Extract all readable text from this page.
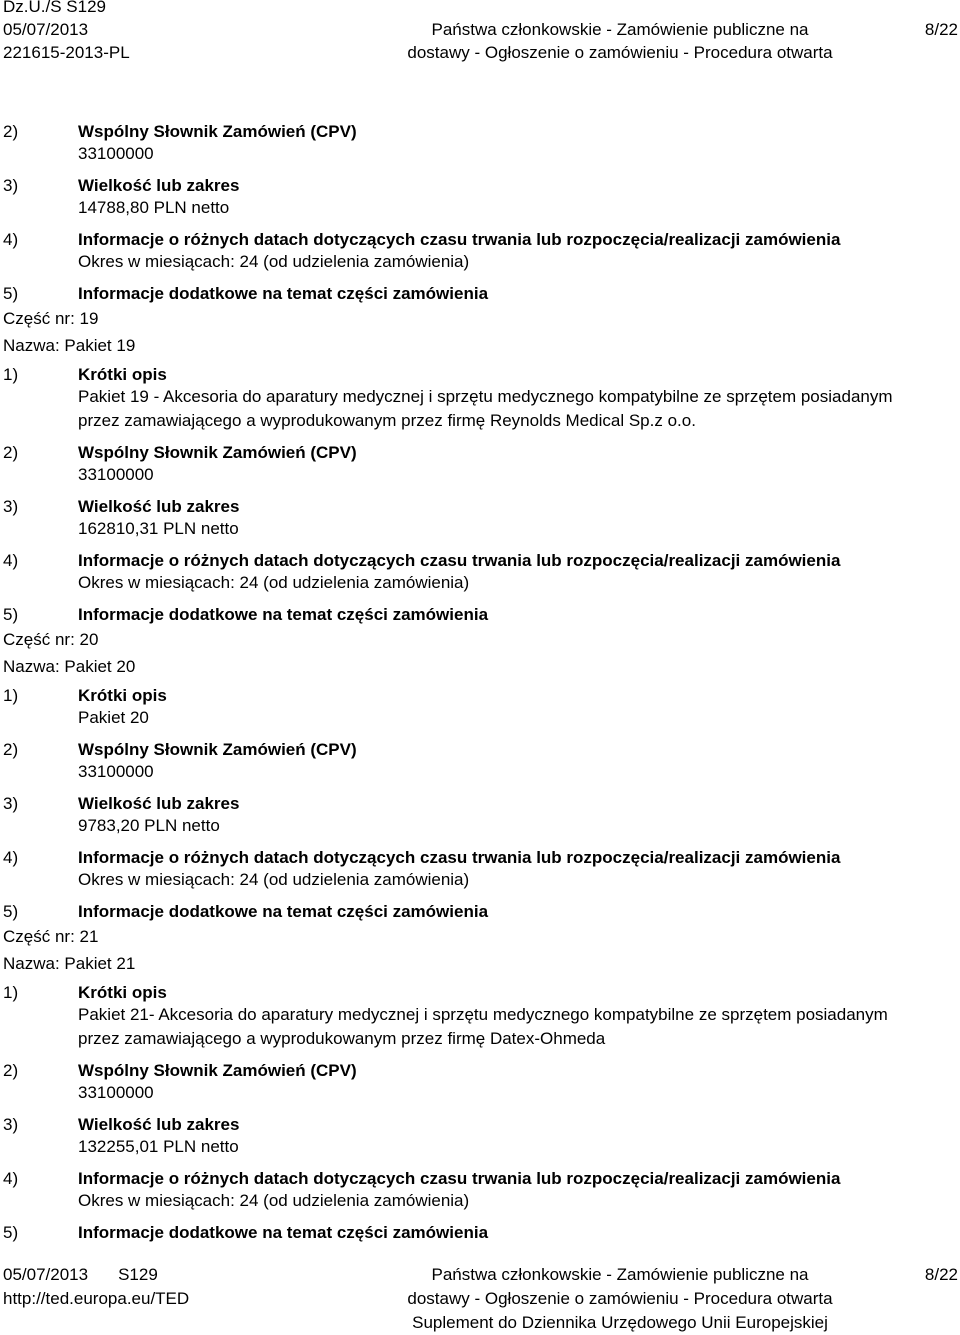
Dz.U./S S129
05/07/2013
221615-2013-PL
Państwa członkowskie - Zamówienie publiczne na
dostawy - Ogłoszenie o zamówieniu - Procedura otwarta
8/22
2)	Wspólny Słownik Zamówień (CPV)
33100000
3)	Wielkość lub zakres
14788,80 PLN netto
4)	Informacje o różnych datach dotyczących czasu trwania lub rozpoczęcia/realizacji zamówienia
Okres w miesiącach: 24 (od udzielenia zamówienia)
5)	Informacje dodatkowe na temat części zamówienia
Część nr: 19
Nazwa: Pakiet 19
1)	Krótki opis
Pakiet 19 - Akcesoria do aparatury medycznej i sprzętu medycznego kompatybilne ze sprzętem posiadanym
przez zamawiającego a wyprodukowanym przez firmę Reynolds Medical Sp.z o.o.
2)	Wspólny Słownik Zamówień (CPV)
33100000
3)	Wielkość lub zakres
162810,31 PLN netto
4)	Informacje o różnych datach dotyczących czasu trwania lub rozpoczęcia/realizacji zamówienia
Okres w miesiącach: 24 (od udzielenia zamówienia)
5)	Informacje dodatkowe na temat części zamówienia
Część nr: 20
Nazwa: Pakiet 20
1)	Krótki opis
Pakiet 20
2)	Wspólny Słownik Zamówień (CPV)
33100000
3)	Wielkość lub zakres
9783,20 PLN netto
4)	Informacje o różnych datach dotyczących czasu trwania lub rozpoczęcia/realizacji zamówienia
Okres w miesiącach: 24 (od udzielenia zamówienia)
5)	Informacje dodatkowe na temat części zamówienia
Część nr: 21
Nazwa: Pakiet 21
1)	Krótki opis
Pakiet 21- Akcesoria do aparatury medycznej i sprzętu medycznego kompatybilne ze sprzętem posiadanym
przez zamawiającego a wyprodukowanym przez firmę Datex-Ohmeda
2)	Wspólny Słownik Zamówień (CPV)
33100000
3)	Wielkość lub zakres
132255,01 PLN netto
4)	Informacje o różnych datach dotyczących czasu trwania lub rozpoczęcia/realizacji zamówienia
Okres w miesiącach: 24 (od udzielenia zamówienia)
5)	Informacje dodatkowe na temat części zamówienia
05/07/2013 S129
http://ted.europa.eu/TED
Państwa członkowskie - Zamówienie publiczne na
dostawy - Ogłoszenie o zamówieniu - Procedura otwarta
Suplement do Dziennika Urzędowego Unii Europejskiej
8/22
